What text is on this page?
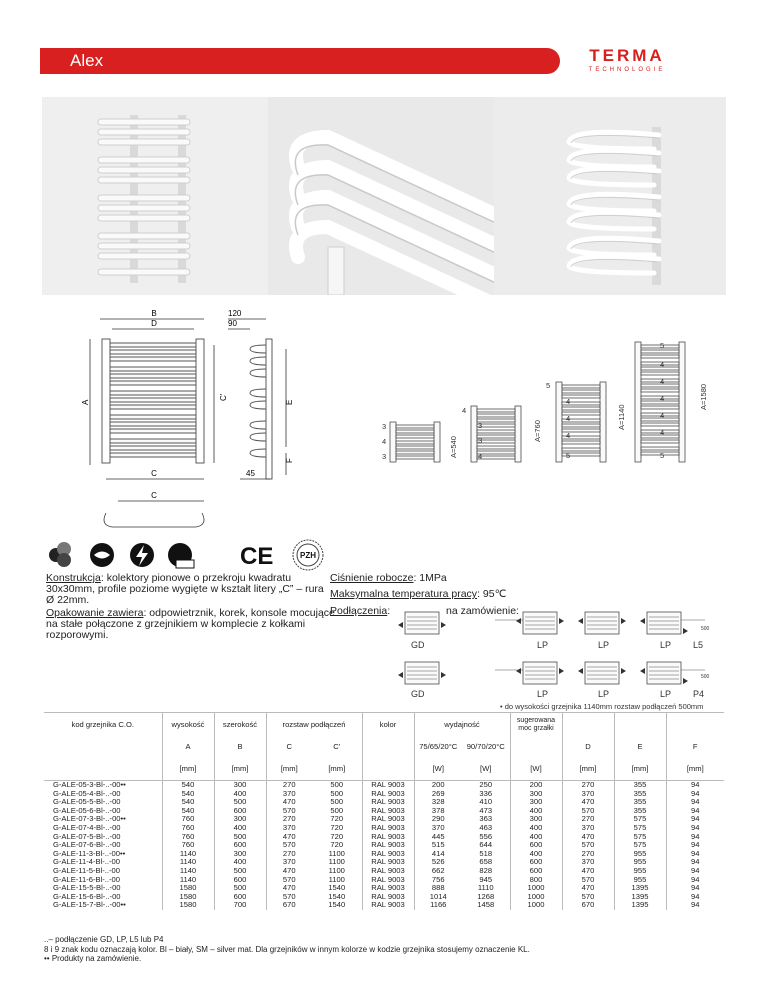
Alex	TERMA
TECHNOLOGIE
B
D
120
90
A
C'
E
F
C	45
C
3
4
3	A=540
4
3
3
4
A=760
5
4
4
4
5
A=1140
5
4
4
4
4
4
5
A=1580
CE	PZH
Konstrukcja: kolektory pionowe o przekroju kwadratu 30x30mm, profile poziome wygięte w kształt litery „C” – rura Ø 22mm.
Opakowanie zawiera: odpowietrznik, korek, konsole mocujące na stałe połączone z grzejnikiem w komplecie z kołkami rozporowymi.
Ciśnienie robocze: 1MPa
Maksymalna temperatura pracy: 95℃
Podłączenia:	na zamówienie:
500
500
GD	LP	LP	LP L5
GD	LP	LP	LP P4
• do wysokości grzejnika 1140mm rozstaw podłączeń 500mm
kod grzejnika C.O.	wysokość	szerokość	rozstaw podłączeń		kolor	wydajność		sugerowana moc grzałki			
	A	B	C	C'		75/65/20°C	90/70/20°C		D	E	F
	[mm]	[mm]	[mm]	[mm]		[W]	[W]	[W]	[mm]	[mm]	[mm]
G-ALE-05-3-Bl-..-00••	540	300	270	500	RAL 9003	200	250	200	270	355	94
G-ALE-05-4-Bl-..-00	540	400	370	500	RAL 9003	269	336	300	370	355	94
G-ALE-05-5-Bl-..-00	540	500	470	500	RAL 9003	328	410	300	470	355	94
G-ALE-05-6-Bl-..-00	540	600	570	500	RAL 9003	378	473	400	570	355	94
G-ALE-07-3-Bl-..-00••	760	300	270	720	RAL 9003	290	363	300	270	575	94
G-ALE-07-4-Bl-..-00	760	400	370	720	RAL 9003	370	463	400	370	575	94
G-ALE-07-5-Bl-..-00	760	500	470	720	RAL 9003	445	556	400	470	575	94
G-ALE-07-6-Bl-..-00	760	600	570	720	RAL 9003	515	644	600	570	575	94
G-ALE-11-3-Bl-..-00••	1140	300	270	1100	RAL 9003	414	518	400	270	955	94
G-ALE-11-4-Bl-..-00	1140	400	370	1100	RAL 9003	526	658	600	370	955	94
G-ALE-11-5-Bl-..-00	1140	500	470	1100	RAL 9003	662	828	600	470	955	94
G-ALE-11-6-Bl-..-00	1140	600	570	1100	RAL 9003	756	945	800	570	955	94
G-ALE-15-5-Bl-..-00	1580	500	470	1540	RAL 9003	888	1110	1000	470	1395	94
G-ALE-15-6-Bl-..-00	1580	600	570	1540	RAL 9003	1014	1268	1000	570	1395	94
G-ALE-15-7-Bl-..-00••	1580	700	670	1540	RAL 9003	1166	1458	1000	670	1395	94
..– podłączenie GD, LP, L5 lub P4
8 i 9 znak kodu oznaczają kolor. Bl – biały, SM – silver mat. Dla grzejników w innym kolorze w kodzie grzejnika stosujemy oznaczenie KL.
•• Produkty na zamówienie.
